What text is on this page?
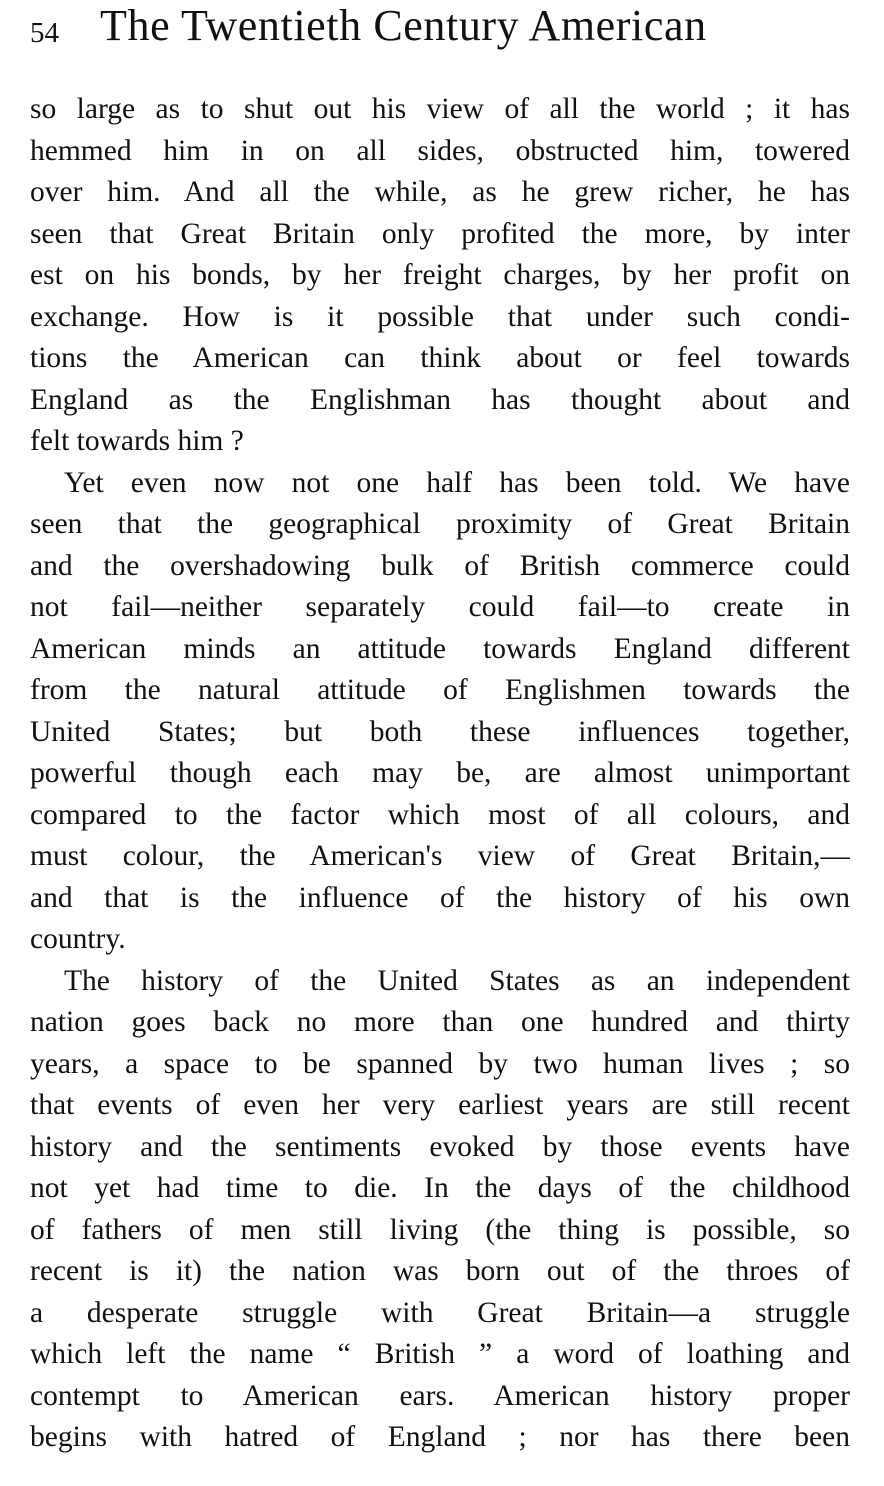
54 The Twentieth Century American
so large as to shut out his view of all the world ; it has
hemmed him in on all sides, obstructed him, towered
over him. And all the while, as he grew richer, he has
seen that Great Britain only profited the more, by inter
est on his bonds, by her freight charges, by her profit on
exchange. How is it possible that under such condi-
tions the American can think about or feel towards
England as the Englishman has thought about and
felt towards him ?
Yet even now not one half has been told. We have
seen that the geographical proximity of Great Britain
and the overshadowing bulk of British commerce could
not fail—neither separately could fail—to create in
American minds an attitude towards England different
from the natural attitude of Englishmen towards the
United States; but both these influences together,
powerful though each may be, are almost unimportant
compared to the factor which most of all colours, and
must colour, the American's view of Great Britain,—
and that is the influence of the history of his own
country.
The history of the United States as an independent
nation goes back no more than one hundred and thirty
years, a space to be spanned by two human lives ; so
that events of even her very earliest years are still recent
history and the sentiments evoked by those events have
not yet had time to die. In the days of the childhood
of fathers of men still living (the thing is possible, so
recent is it) the nation was born out of the throes of
a desperate struggle with Great Britain—a struggle
which left the name “ British ” a word of loathing and
contempt to American ears. American history proper
begins with hatred of England ; nor has there been
